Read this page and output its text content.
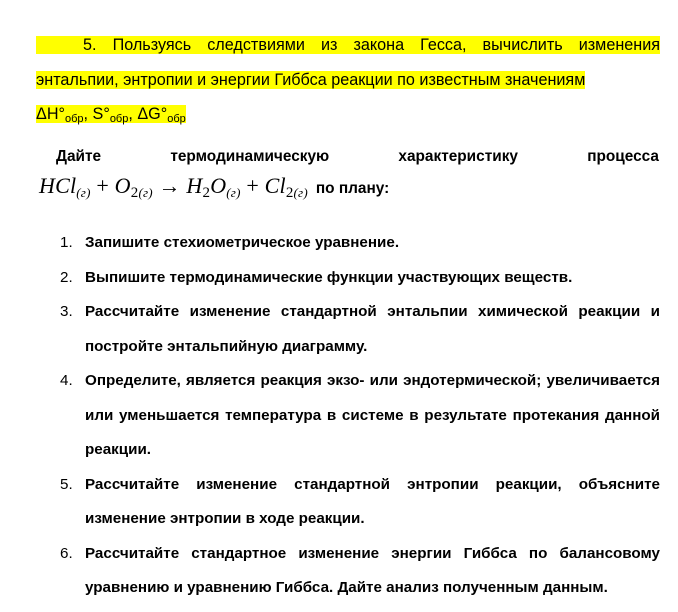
5. Пользуясь следствиями из закона Гесса, вычислить изменения энтальпии, энтропии и энергии Гиббса реакции по известным значениям
$\Delta H^\circ_{обр}$, $S^\circ_{обр}$, $\Delta G^\circ_{обр}$
Дайте	термодинамическую	характеристику	процесса
HCl(г) + O2(г) → H2O(г) + Cl2(г) по плану:
1. Запишите стехиометрическое уравнение.
2. Выпишите термодинамические функции участвующих веществ.
3. Рассчитайте изменение стандартной энтальпии химической реакции и постройте энтальпийную диаграмму.
4. Определите, является реакция экзо- или эндотермической; увеличивается или уменьшается температура в системе в результате протекания данной реакции.
5. Рассчитайте изменение стандартной энтропии реакции, объясните изменение энтропии в ходе реакции.
6. Рассчитайте стандартное изменение энергии Гиббса по балансовому уравнению и уравнению Гиббса. Дайте анализ полученным данным.
